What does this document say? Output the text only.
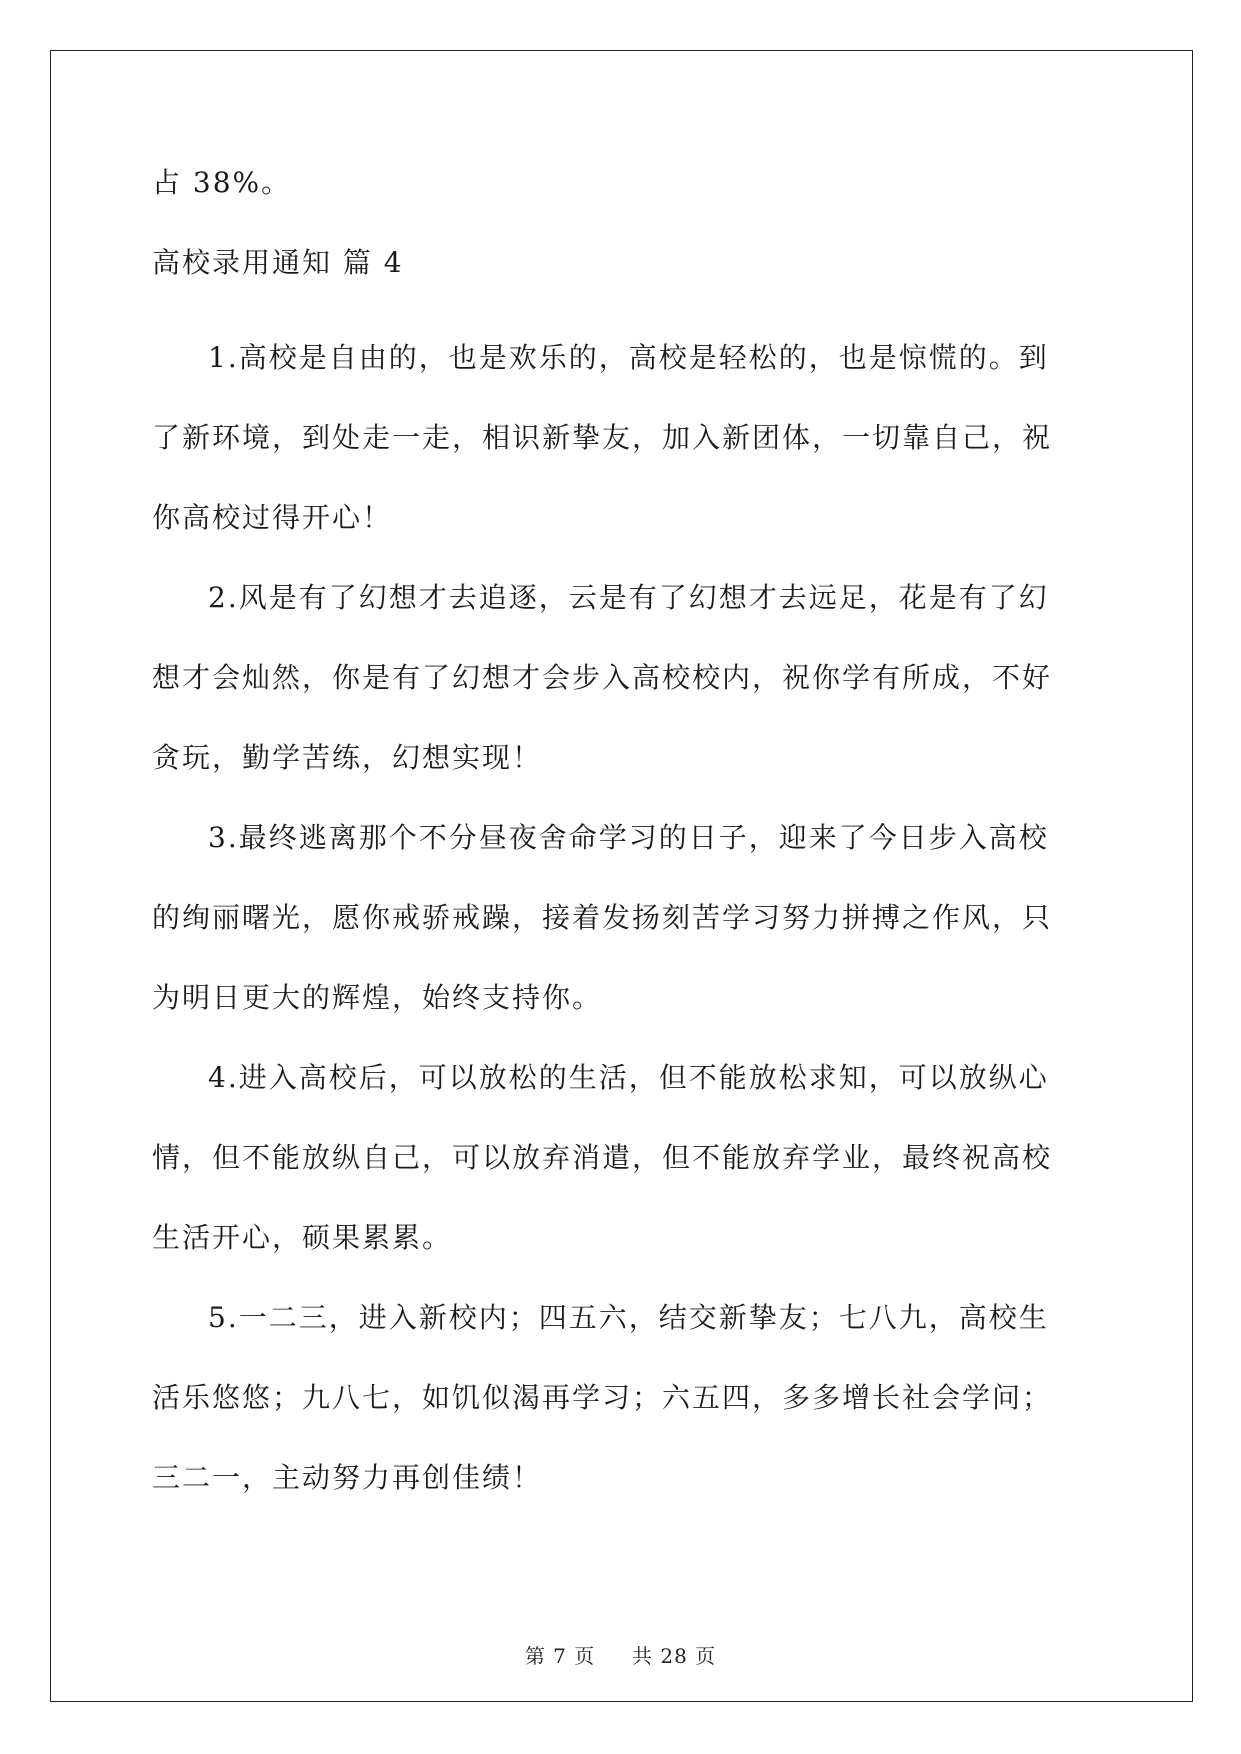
占 38%。
高校录用通知 篇 4
1.高校是自由的，也是欢乐的，高校是轻松的，也是惊慌的。到
了新环境，到处走一走，相识新挚友，加入新团体，一切靠自己，祝
你高校过得开心！
2.风是有了幻想才去追逐，云是有了幻想才去远足，花是有了幻
想才会灿然，你是有了幻想才会步入高校校内，祝你学有所成，不好
贪玩，勤学苦练，幻想实现！
3.最终逃离那个不分昼夜舍命学习的日子，迎来了今日步入高校
的绚丽曙光，愿你戒骄戒躁，接着发扬刻苦学习努力拼搏之作风，只
为明日更大的辉煌，始终支持你。
4.进入高校后，可以放松的生活，但不能放松求知，可以放纵心
情，但不能放纵自己，可以放弃消遣，但不能放弃学业，最终祝高校
生活开心，硕果累累。
5.一二三，进入新校内；四五六，结交新挚友；七八九，高校生
活乐悠悠；九八七，如饥似渴再学习；六五四，多多增长社会学问；
三二一，主动努力再创佳绩！
第 7 页 共 28 页
